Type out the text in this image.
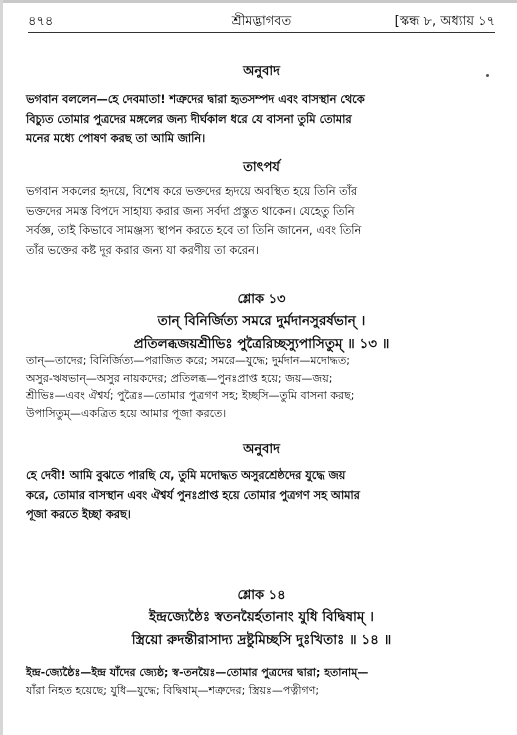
৪৭৪	শ্রীমদ্ভাগবত	[স্কন্ধ ৮, অধ্যায় ১৭
অনুবাদ
ভগবান বললেন—হে দেবমাতা! শত্রুদের দ্বারা হৃতসম্পদ এবং বাসস্থান থেকে
বিচ্যুত তোমার পুত্রদের মঙ্গলের জন্য দীর্ঘকাল ধরে যে বাসনা তুমি তোমার
মনের মধ্যে পোষণ করছ তা আমি জানি।
তাৎপর্য
ভগবান সকলের হৃদয়ে, বিশেষ করে ভক্তদের হৃদয়ে অবস্থিত হয়ে তিনি তাঁর
ভক্তদের সমস্ত বিপদে সাহায্য করার জন্য সর্বদা প্রস্তুত থাকেন। যেহেতু তিনি
সর্বজ্ঞ, তাই কিভাবে সামঞ্জস্য স্থাপন করতে হবে তা তিনি জানেন, এবং তিনি
তাঁর ভক্তের কষ্ট দূর করার জন্য যা করণীয় তা করেন।
শ্লোক ১৩
তান্ বিনির্জিত্য সমরে দুর্মদানসুরর্ষভান্ ।
প্রতিলব্ধজয়শ্রীভিঃ পুত্রৈরিচ্ছস্যুপাসিতুম্ ॥ ১৩ ॥
তান্—তাদের; বিনির্জিত্য—পরাজিত করে; সমরে—যুদ্ধে; দুর্মদান—মদোদ্ধত;
অসুর-ঋষভান্—অসুর নায়কদের; প্রতিলব্ধ—পুনঃপ্রাপ্ত হয়ে; জয়—জয়;
শ্রীভিঃ—এবং ঐশ্বর্য; পুত্রৈঃ—তোমার পুত্রগণ সহ; ইচ্ছসি—তুমি বাসনা করছ;
উপাসিতুম্—একত্রিত হয়ে আমার পূজা করতে।
অনুবাদ
হে দেবী! আমি বুঝতে পারছি যে, তুমি মদোদ্ধত অসুরশ্রেষ্ঠদের যুদ্ধে জয়
করে, তোমার বাসস্থান এবং ঐশ্বর্য পুনঃপ্রাপ্ত হয়ে তোমার পুত্রগণ সহ আমার
পূজা করতে ইচ্ছা করছ।
শ্লোক ১৪
ইন্দ্রজ্যেষ্ঠৈঃ স্বতনয়ৈর্হতানাং যুধি বিদ্বিষাম্ ।
স্ত্রিয়ো রুদন্তীরাসাদ্য দ্রষ্টুমিচ্ছসি দুঃখিতাঃ ॥ ১৪ ॥
ইন্দ্র-জ্যেষ্ঠৈঃ—ইন্দ্র যাঁদের জ্যেষ্ঠ; স্ব-তনয়ৈঃ—তোমার পুত্রদের দ্বারা; হতানাম্—
যাঁরা নিহত হয়েছে; যুধি—যুদ্ধে; বিদ্বিষাম্—শত্রুদের; স্ত্রিয়ঃ—পত্নীগণ;
